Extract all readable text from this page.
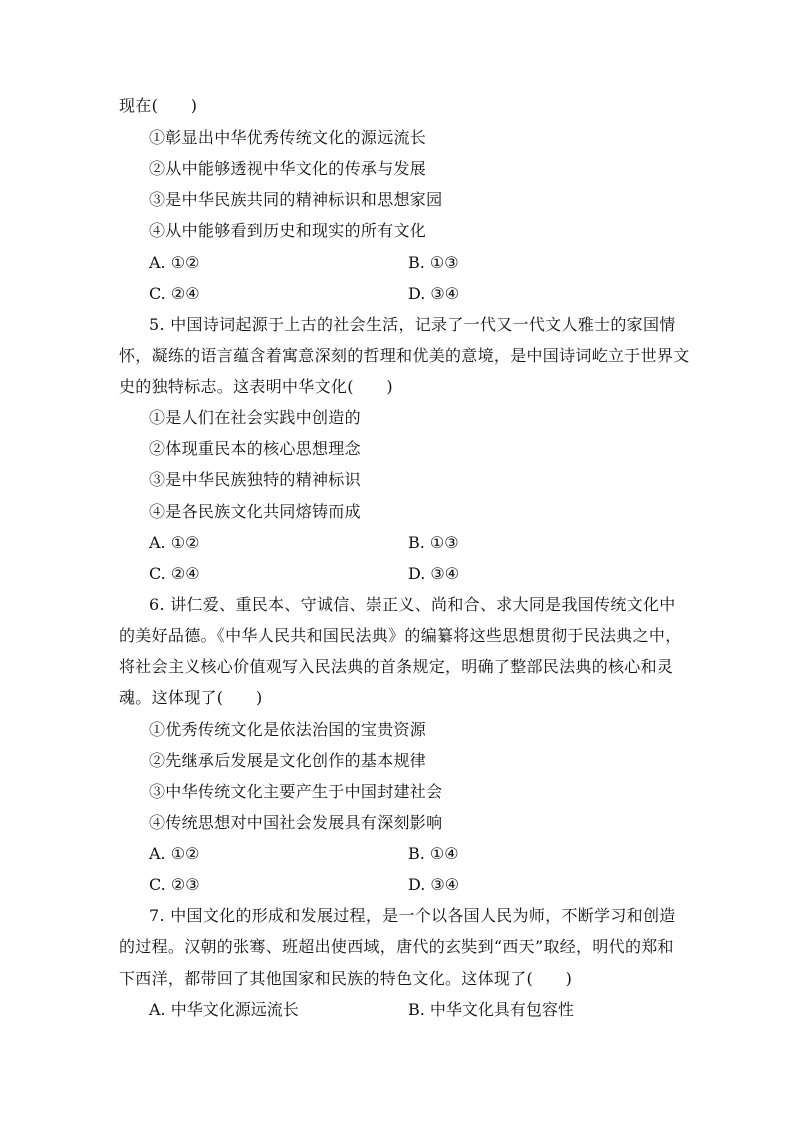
现在(　　)
①彰显出中华优秀传统文化的源远流长
②从中能够透视中华文化的传承与发展
③是中华民族共同的精神标识和思想家园
④从中能够看到历史和现实的所有文化
A. ①②	B. ①③
C. ②④	D. ③④
5. 中国诗词起源于上古的社会生活，记录了一代又一代文人雅士的家国情
怀，凝练的语言蕴含着寓意深刻的哲理和优美的意境，是中国诗词屹立于世界文
史的独特标志。这表明中华文化(　　)
①是人们在社会实践中创造的
②体现重民本的核心思想理念
③是中华民族独特的精神标识
④是各民族文化共同熔铸而成
A. ①②	B. ①③
C. ②④	D. ③④
6. 讲仁爱、重民本、守诚信、崇正义、尚和合、求大同是我国传统文化中
的美好品德。《中华人民共和国民法典》的编纂将这些思想贯彻于民法典之中，
将社会主义核心价值观写入民法典的首条规定，明确了整部民法典的核心和灵
魂。这体现了(　　)
①优秀传统文化是依法治国的宝贵资源
②先继承后发展是文化创作的基本规律
③中华传统文化主要产生于中国封建社会
④传统思想对中国社会发展具有深刻影响
A. ①②	B. ①④
C. ②③	D. ③④
7. 中国文化的形成和发展过程，是一个以各国人民为师，不断学习和创造
的过程。汉朝的张骞、班超出使西域，唐代的玄奘到“西天”取经，明代的郑和
下西洋，都带回了其他国家和民族的特色文化。这体现了(　　)
A. 中华文化源远流长	B. 中华文化具有包容性
